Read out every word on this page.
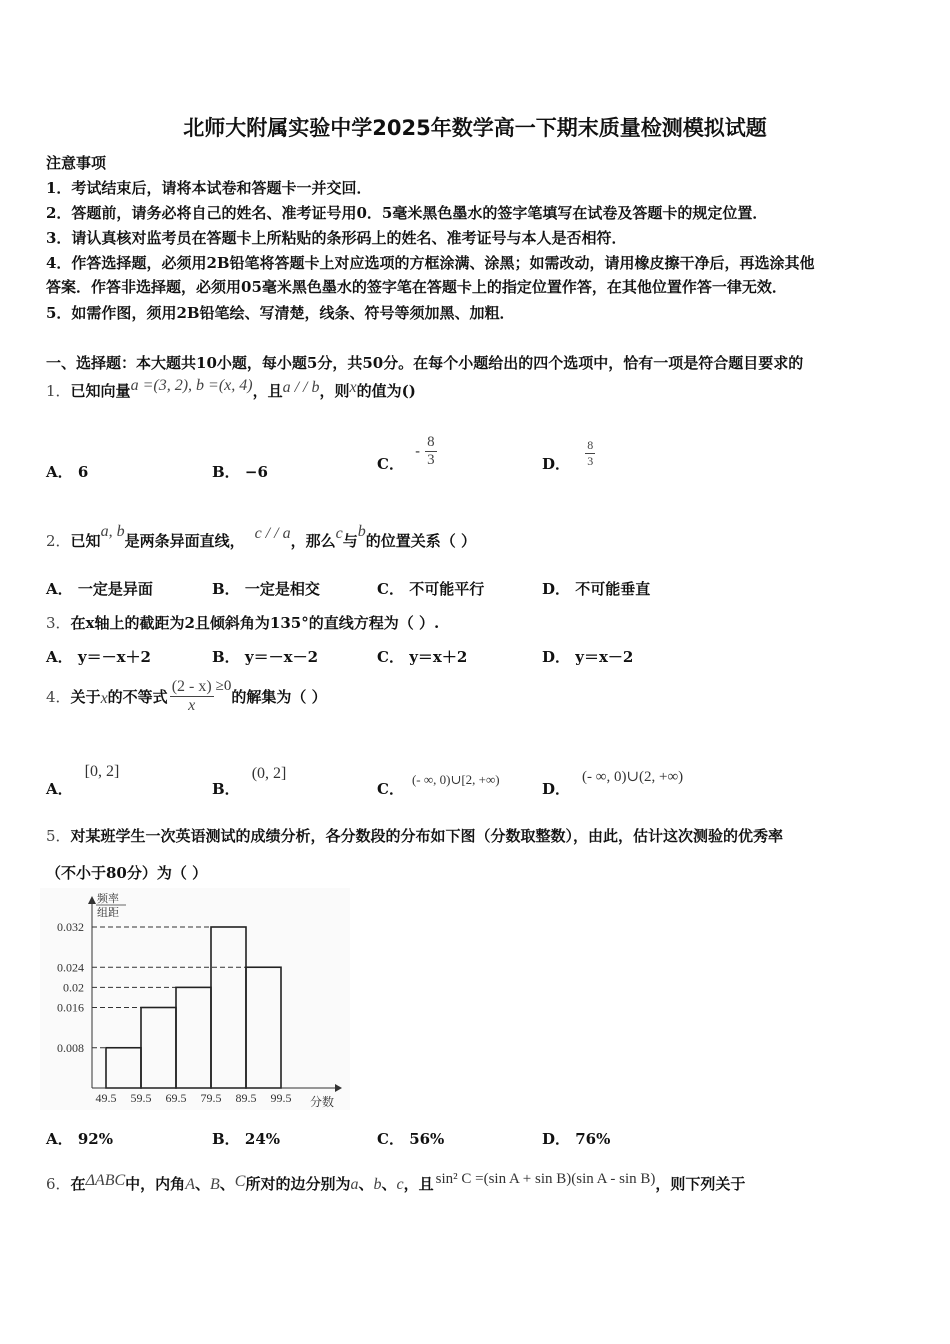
北师大附属实验中学2025年数学高一下期末质量检测模拟试题
注意事项
1．考试结束后，请将本试卷和答题卡一并交回．
2．答题前，请务必将自己的姓名、准考证号用0．5毫米黑色墨水的签字笔填写在试卷及答题卡的规定位置．
3．请认真核对监考员在答题卡上所粘贴的条形码上的姓名、准考证号与本人是否相符．
4．作答选择题，必须用2B铅笔将答题卡上对应选项的方框涂满、涂黑；如需改动，请用橡皮擦干净后，再选涂其他
答案．作答非选择题，必须用05毫米黑色墨水的签字笔在答题卡上的指定位置作答，在其他位置作答一律无效．
5．如需作图，须用2B铅笔绘、写清楚，线条、符号等须加黑、加粗．
一、选择题：本大题共10小题，每小题5分，共50分。在每个小题给出的四个选项中，恰有一项是符合题目要求的
1．已知向量a =(3, 2), b =(x, 4)，且a / / b，则x的值为()
A． 6	B． −6	C． - $\frac{8}{3}$	D． $\frac{8}{3}$
2．已知a, b是两条异面直线， c / / a，那么c与b的位置关系（ ）
A． 一定是异面	B． 一定是相交	C． 不可能平行	D． 不可能垂直
3．在x轴上的截距为2且倾斜角为135°的直线方程为（ ）.
A． y＝－x＋2	B． y＝－x－2	C． y＝x＋2	D． y＝x－2
4．关于x的不等式 $\frac{(2 - x)}{x} \ge 0$的解集为（ ）
A．[0, 2]
B．(0, 2]
C．(- ∞, 0)∪[2, +∞)
D．(- ∞, 0)∪(2, +∞)
5．对某班学生一次英语测试的成绩分析，各分数段的分布如下图（分数取整数），由此，估计这次测验的优秀率
（不小于80分）为（ ）
频率
组距
分数
0.032
0.024
0.02
0.016
0.008
49.5 59.5 69.5 79.5 89.5 99.5
A． 92%	B． 24%	C． 56%	D． 76%
6．在ΔABC中，内角A、B、C所对的边分别为a、b、c，且 sin² C =(sin A + sin B)(sin A - sin B)，则下列关于
